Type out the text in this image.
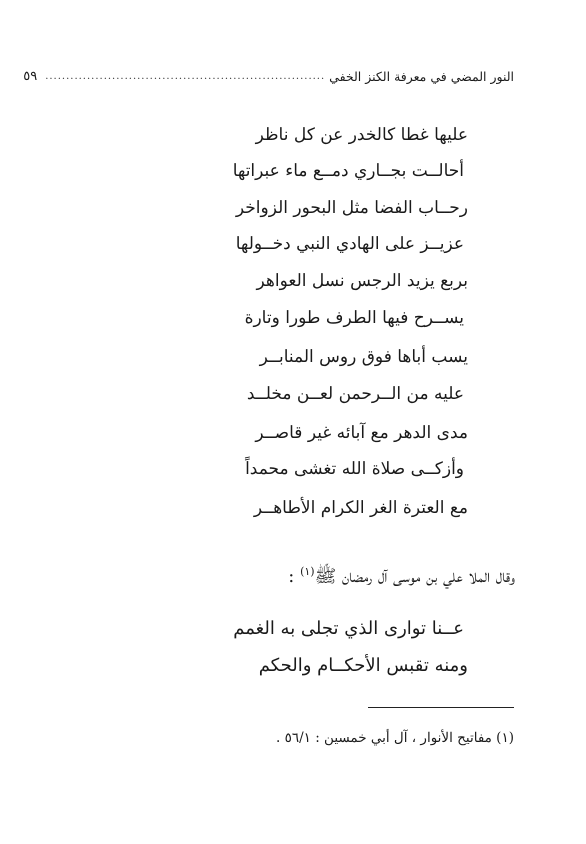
النور المضي في معرفة الكنز الخفي
...................................................................
٥٩
عليها غطا كالخدر عن كل ناظر
أحالــت بجــاري دمــع ماء عبراتها
رحــاب الفضا مثل البحور الزواخر
عزيــز على الهادي النبي دخــولها
بربع يزيد الرجس نسل العواهر
يســرح فيها الطرف طورا وتارة
يسب أباها فوق روس المنابــر
عليه من الــرحمن لعــن مخلــد
مدى الدهر مع آبائه غير قاصــر
وأزكــى صلاة الله تغشى محمداً
مع العترة الغر الكرام الأطاهــر
وقال الملا علي بن موسى آل رمضان ﷺ$^{(١)}$ :
عــنا توارى الذي تجلى به الغمم
ومنه تقبس الأحكــام والحكم
(١) مفاتيح الأنوار ، آل أبي خمسين : ٥٦/١ .
